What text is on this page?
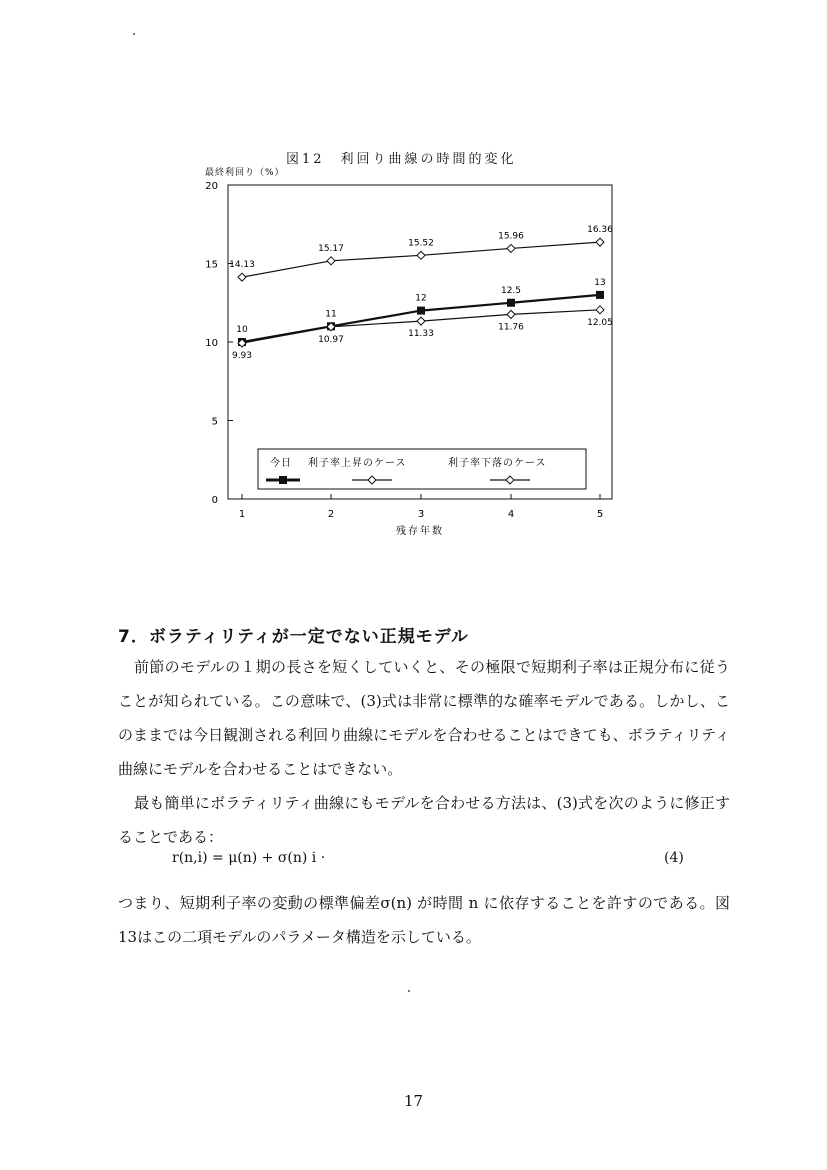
図12　利回り曲線の時間的変化
最終利回り（%）
0
5
10
15
20
1	2	3	4	5
残存年数
10
11
12
12.5
13
14.13
15.17
15.52
15.96
16.36
9.93
10.97
11.33
11.76	12.05
今日 利子率上昇のケース	利子率下落のケース
7．ボラティリティが一定でない正規モデル
前節のモデルの１期の長さを短くしていくと、その極限で短期利子率は正規分布に従うことが知られている。この意味で、(3)式は非常に標準的な確率モデルである。しかし、このままでは今日観測される利回り曲線にモデルを合わせることはできても、ボラティリティ曲線にモデルを合わせることはできない。
最も簡単にボラティリティ曲線にもモデルを合わせる方法は、(3)式を次のように修正することである：
r(n,i) = μ(n) + σ(n) i ·	(4)
つまり、短期利子率の変動の標準偏差σ(n) が時間 n に依存することを許すのである。図13はこの二項モデルのパラメータ構造を示している。
17
